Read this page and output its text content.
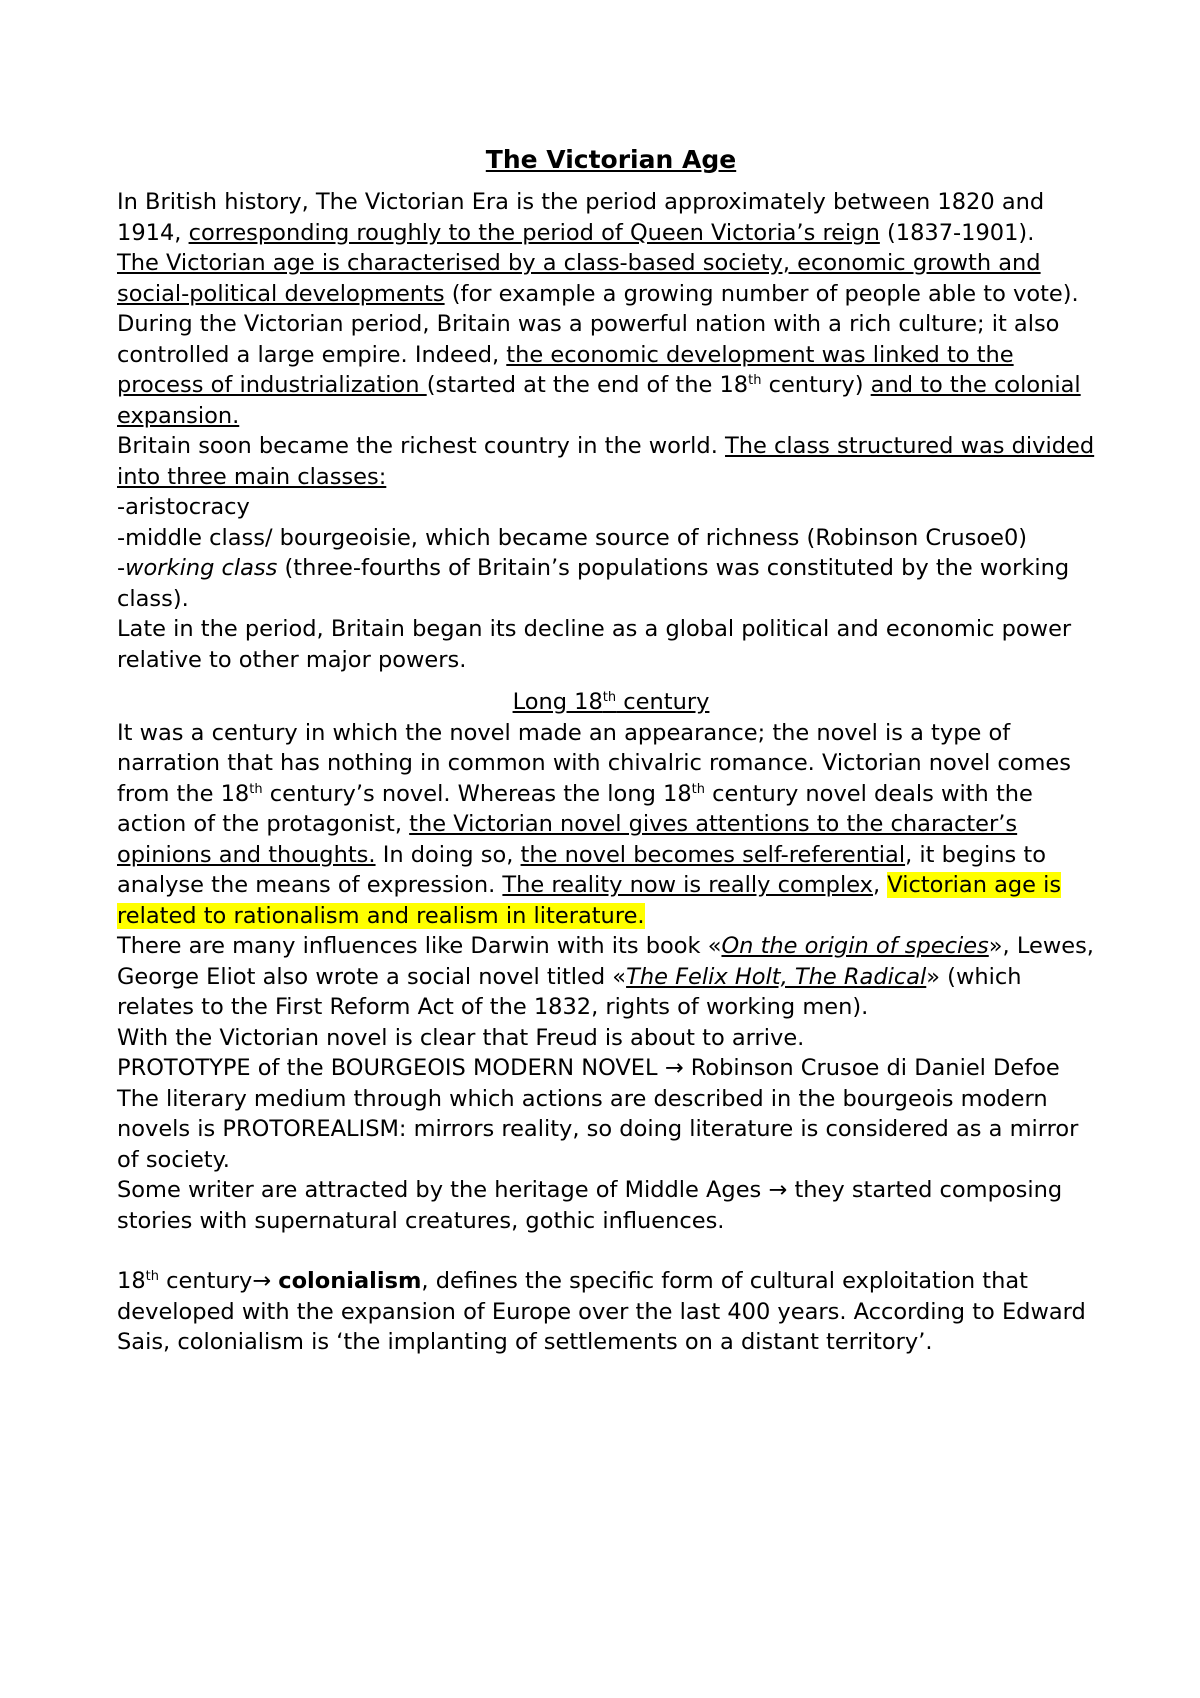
The Victorian Age

In British history, The Victorian Era is the period approximately between 1820 and 1914, corresponding roughly to the period of Queen Victoria’s reign (1837-1901).

The Victorian age is characterised by a class-based society, economic growth and social-political developments (for example a growing number of people able to vote).

During the Victorian period, Britain was a powerful nation with a rich culture; it also controlled a large empire. Indeed, the economic development was linked to the process of industrialization (started at the end of the 18th century) and to the colonial expansion.

Britain soon became the richest country in the world. The class structured was divided into three main classes:

-aristocracy

-middle class/ bourgeoisie, which became source of richness (Robinson Crusoe0)

-working class (three-fourths of Britain’s populations was constituted by the working class).

Late in the period, Britain began its decline as a global political and economic power relative to other major powers.

Long 18th century

It was a century in which the novel made an appearance; the novel is a type of narration that has nothing in common with chivalric romance. Victorian novel comes from the 18th century’s novel. Whereas the long 18th century novel deals with the action of the protagonist, the Victorian novel gives attentions to the character’s opinions and thoughts. In doing so, the novel becomes self-referential, it begins to analyse the means of expression. The reality now is really complex, Victorian age is related to rationalism and realism in literature.

There are many influences like Darwin with its book «On the origin of species», Lewes, George Eliot also wrote a social novel titled «The Felix Holt, The Radical» (which relates to the First Reform Act of the 1832, rights of working men).

With the Victorian novel is clear that Freud is about to arrive.

PROTOTYPE of the BOURGEOIS MODERN NOVEL → Robinson Crusoe di Daniel Defoe

The literary medium through which actions are described in the bourgeois modern novels is PROTOREALISM: mirrors reality, so doing literature is considered as a mirror of society.

Some writer are attracted by the heritage of Middle Ages → they started composing stories with supernatural creatures, gothic influences.

18th century→ colonialism, defines the specific form of cultural exploitation that developed with the expansion of Europe over the last 400 years. According to Edward Sais, colonialism is ‘the implanting of settlements on a distant territory’.
